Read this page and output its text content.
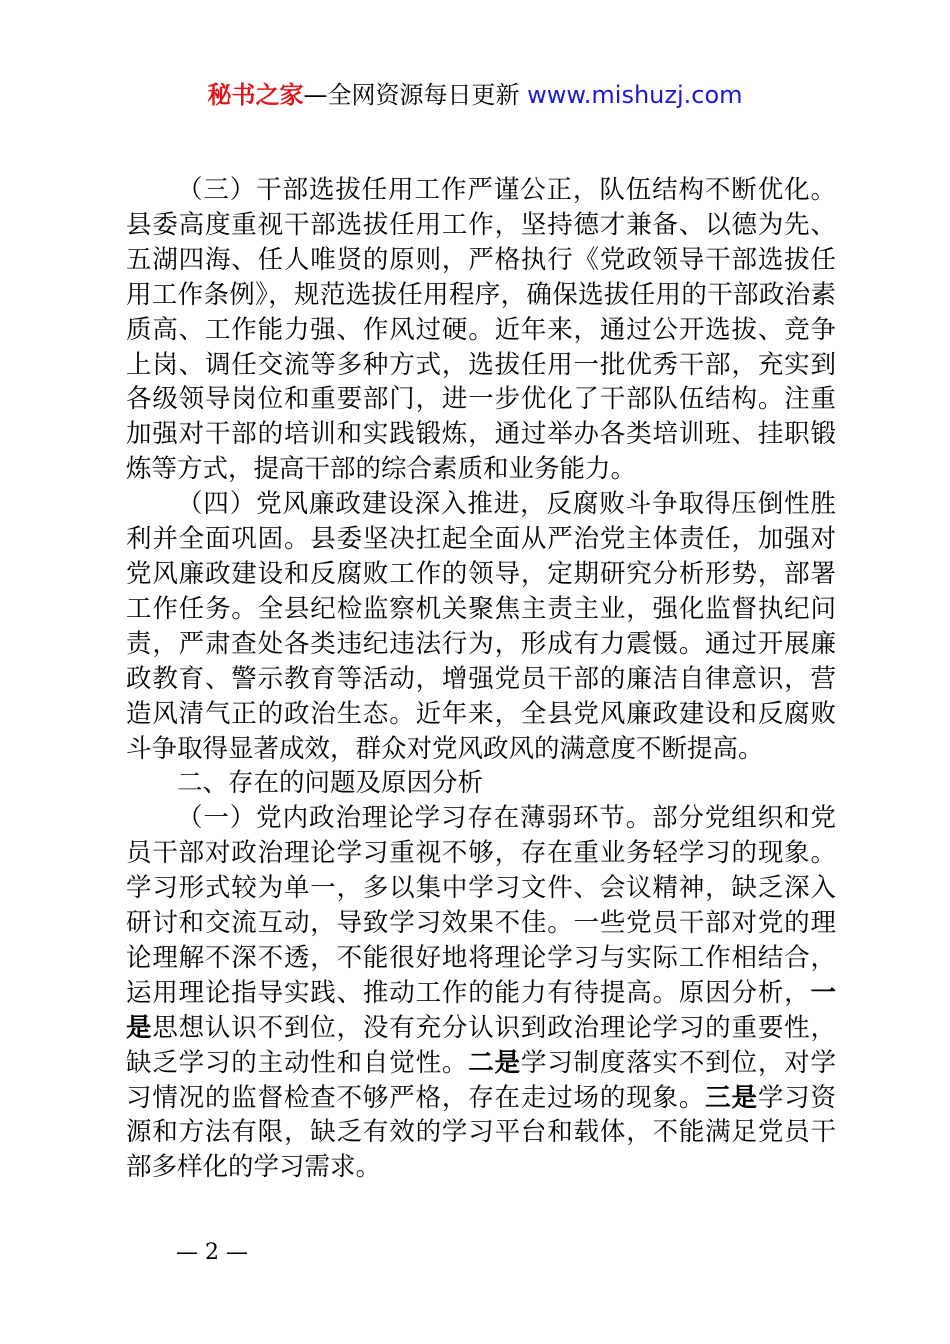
秘书之家—全网资源每日更新 www.mishuzj.com

（三）干部选拔任用工作严谨公正，队伍结构不断优化。县委高度重视干部选拔任用工作，坚持德才兼备、以德为先、五湖四海、任人唯贤的原则，严格执行《党政领导干部选拔任用工作条例》，规范选拔任用程序，确保选拔任用的干部政治素质高、工作能力强、作风过硬。近年来，通过公开选拔、竞争上岗、调任交流等多种方式，选拔任用一批优秀干部，充实到各级领导岗位和重要部门，进一步优化了干部队伍结构。注重加强对干部的培训和实践锻炼，通过举办各类培训班、挂职锻炼等方式，提高干部的综合素质和业务能力。

（四）党风廉政建设深入推进，反腐败斗争取得压倒性胜利并全面巩固。县委坚决扛起全面从严治党主体责任，加强对党风廉政建设和反腐败工作的领导，定期研究分析形势，部署工作任务。全县纪检监察机关聚焦主责主业，强化监督执纪问责，严肃查处各类违纪违法行为，形成有力震慑。通过开展廉政教育、警示教育等活动，增强党员干部的廉洁自律意识，营造风清气正的政治生态。近年来，全县党风廉政建设和反腐败斗争取得显著成效，群众对党风政风的满意度不断提高。

二、存在的问题及原因分析

（一）党内政治理论学习存在薄弱环节。部分党组织和党员干部对政治理论学习重视不够，存在重业务轻学习的现象。学习形式较为单一，多以集中学习文件、会议精神，缺乏深入研讨和交流互动，导致学习效果不佳。一些党员干部对党的理论理解不深不透，不能很好地将理论学习与实际工作相结合，运用理论指导实践、推动工作的能力有待提高。原因分析，一是思想认识不到位，没有充分认识到政治理论学习的重要性，缺乏学习的主动性和自觉性。二是学习制度落实不到位，对学习情况的监督检查不够严格，存在走过场的现象。三是学习资源和方法有限，缺乏有效的学习平台和载体，不能满足党员干部多样化的学习需求。

— 2 —
